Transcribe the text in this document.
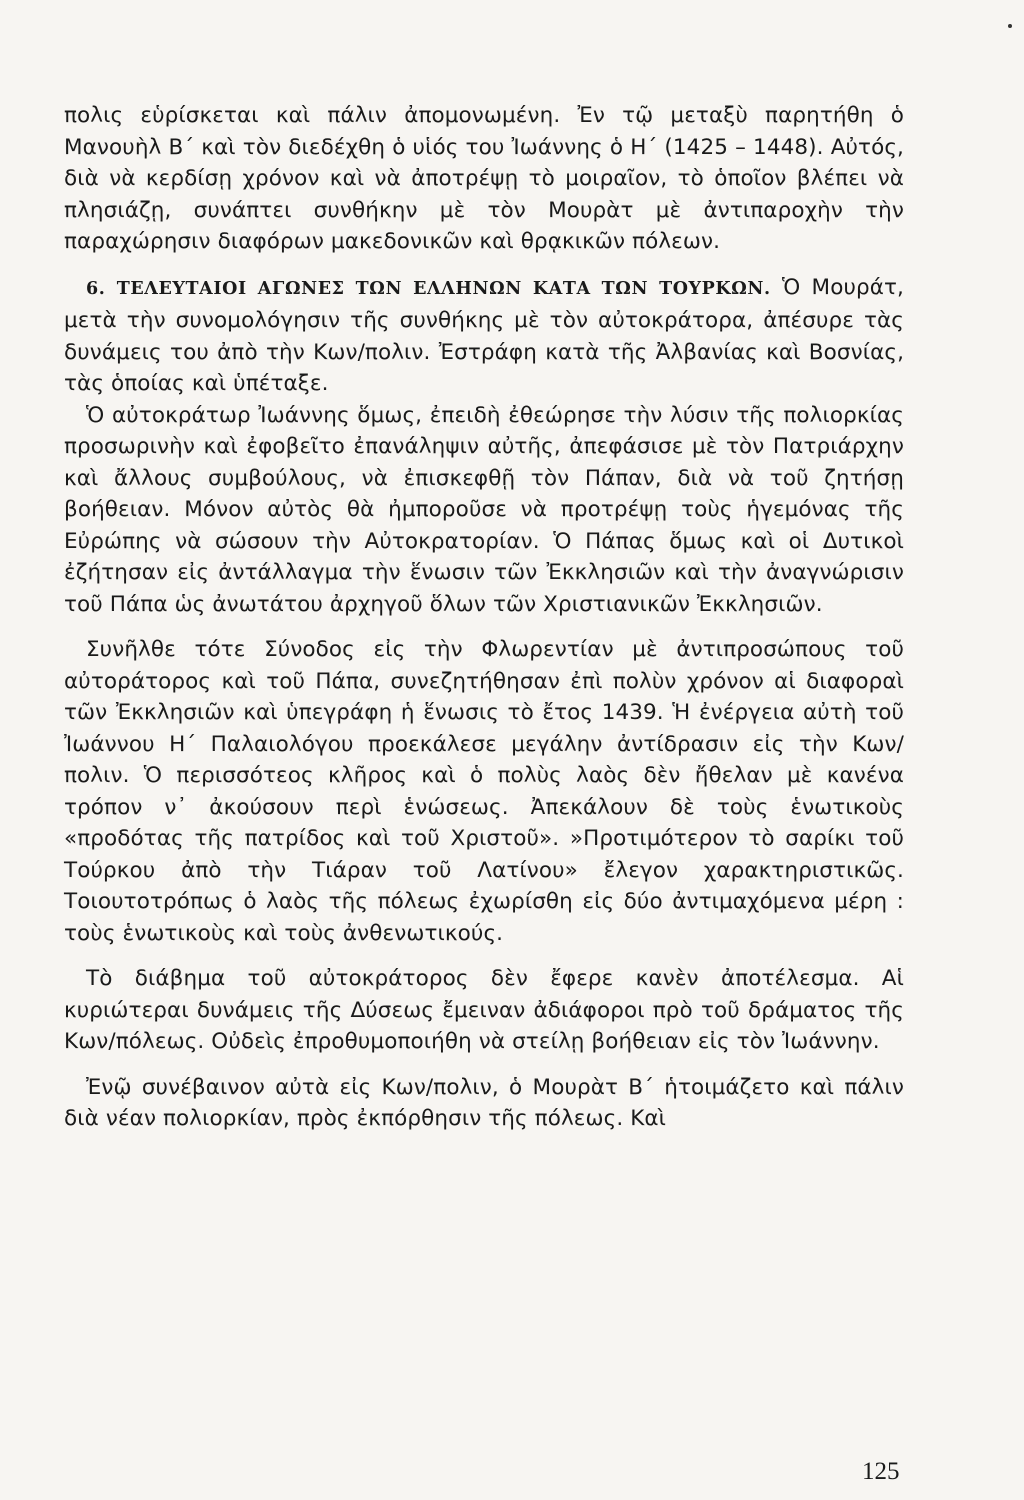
πολις εὑρίσκεται καὶ πάλιν ἀπομονωμένη. Ἐν τῷ μεταξὺ παρητήθη ὁ Μανουὴλ Β΄ καὶ τὸν διεδέχθη ὁ υἱός του Ἰωάννης ὁ Η΄ (1425 – 1448). Αὐτός, διὰ νὰ κερδίσῃ χρόνον καὶ νὰ ἀποτρέψῃ τὸ μοιραῖον, τὸ ὁποῖον βλέπει νὰ πλησιάζῃ, συνάπτει συνθήκην μὲ τὸν Μουρὰτ μὲ ἀντιπαροχὴν τὴν παραχώρησιν διαφόρων μακεδονικῶν καὶ θρᾳκικῶν πόλεων.

6. ΤΕΛΕΥΤΑΙΟΙ ΑΓΩΝΕΣ ΤΩΝ ΕΛΛΗΝΩΝ ΚΑΤΑ ΤΩΝ ΤΟΥΡΚΩΝ. Ὁ Μουράτ, μετὰ τὴν συνομολόγησιν τῆς συνθήκης μὲ τὸν αὐτοκράτορα, ἀπέσυρε τὰς δυνάμεις του ἀπὸ τὴν Κων/πολιν. Ἐστράφη κατὰ τῆς Ἀλβανίας καὶ Βοσνίας, τὰς ὁποίας καὶ ὑπέταξε.

Ὁ αὐτοκράτωρ Ἰωάννης ὅμως, ἐπειδὴ ἐθεώρησε τὴν λύσιν τῆς πολιορκίας προσωρινὴν καὶ ἐφοβεῖτο ἐπανάληψιν αὐτῆς, ἀπεφάσισε μὲ τὸν Πατριάρχην καὶ ἄλλους συμβούλους, νὰ ἐπισκεφθῇ τὸν Πάπαν, διὰ νὰ τοῦ ζητήσῃ βοήθειαν. Μόνον αὐτὸς θὰ ἠμποροῦσε νὰ προτρέψῃ τοὺς ἡγεμόνας τῆς Εὐρώπης νὰ σώσουν τὴν Αὐτοκρατορίαν. Ὁ Πάπας ὅμως καὶ οἱ Δυτικοὶ ἐζήτησαν εἰς ἀντάλλαγμα τὴν ἕνωσιν τῶν Ἐκκλησιῶν καὶ τὴν ἀναγνώρισιν τοῦ Πάπα ὡς ἀνωτάτου ἀρχηγοῦ ὅλων τῶν Χριστιανικῶν Ἐκκλησιῶν.

Συνῆλθε τότε Σύνοδος εἰς τὴν Φλωρεντίαν μὲ ἀντιπροσώπους τοῦ αὐτοράτορος καὶ τοῦ Πάπα, συνεζητήθησαν ἐπὶ πολὺν χρόνον αἱ διαφοραὶ τῶν Ἐκκλησιῶν καὶ ὑπεγράφη ἡ ἕνωσις τὸ ἔτος 1439. Ἡ ἐνέργεια αὐτὴ τοῦ Ἰωάννου Η΄ Παλαιολόγου προεκάλεσε μεγάλην ἀντίδρασιν εἰς τὴν Κων/πολιν. Ὁ περισσότεος κλῆρος καὶ ὁ πολὺς λαὸς δὲν ἤθελαν μὲ κανένα τρόπον ν᾽ ἀκούσουν περὶ ἑνώσεως. Ἀπεκάλουν δὲ τοὺς ἑνωτικοὺς «προδότας τῆς πατρίδος καὶ τοῦ Χριστοῦ». »Προτιμότερον τὸ σαρίκι τοῦ Τούρκου ἀπὸ τὴν Τιάραν τοῦ Λατίνου» ἔλεγον χαρακτηριστικῶς. Τοιουτοτρόπως ὁ λαὸς τῆς πόλεως ἐχωρίσθη εἰς δύο ἀντιμαχόμενα μέρη : τοὺς ἑνωτικοὺς καὶ τοὺς ἀνθενωτικούς.

Τὸ διάβημα τοῦ αὐτοκράτορος δὲν ἔφερε κανὲν ἀποτέλεσμα. Αἱ κυριώτεραι δυνάμεις τῆς Δύσεως ἔμειναν ἀδιάφοροι πρὸ τοῦ δράματος τῆς Κων/πόλεως. Οὐδεὶς ἐπροθυμοποιήθη νὰ στείλῃ βοήθειαν εἰς τὸν Ἰωάννην.

Ἐνῷ συνέβαινον αὐτὰ εἰς Κων/πολιν, ὁ Μουρὰτ Β΄ ἡτοιμάζετο καὶ πάλιν διὰ νέαν πολιορκίαν, πρὸς ἐκπόρθησιν τῆς πόλεως. Καὶ

125
